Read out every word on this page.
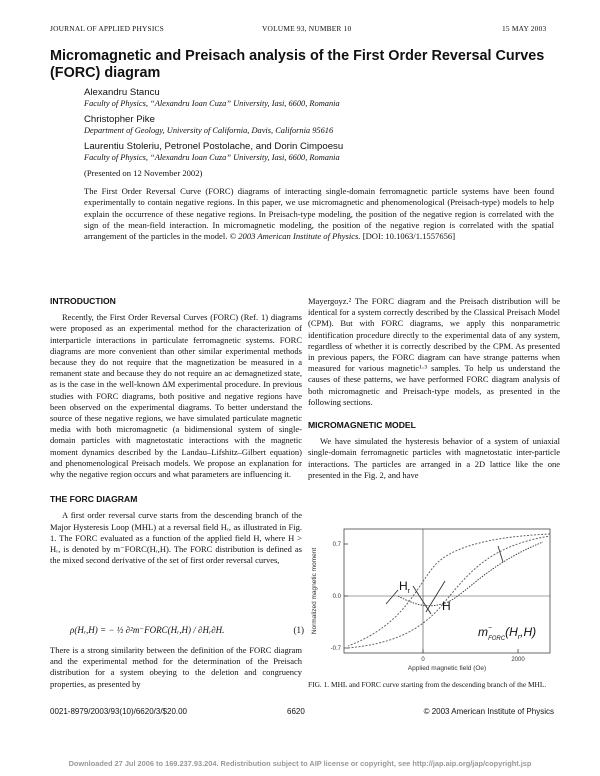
JOURNAL OF APPLIED PHYSICS	VOLUME 93, NUMBER 10	15 MAY 2003
Micromagnetic and Preisach analysis of the First Order Reversal Curves (FORC) diagram
Alexandru Stancu
Faculty of Physics, “Alexandru Ioan Cuza” University, Iasi, 6600, Romania
Christopher Pike
Department of Geology, University of California, Davis, California 95616
Laurentiu Stoleriu, Petronel Postolache, and Dorin Cimpoesu
Faculty of Physics, “Alexandru Ioan Cuza” University, Iasi, 6600, Romania
(Presented on 12 November 2002)
The First Order Reversal Curve (FORC) diagrams of interacting single-domain ferromagnetic particle systems have been found experimentally to contain negative regions. In this paper, we use micromagnetic and phenomenological (Preisach-type) models to help explain the occurrence of these negative regions. In Preisach-type modeling, the position of the negative region is correlated with the sign of the mean-field interaction. In micromagnetic modeling, the position of the negative region is correlated with the spatial arrangement of the particles in the model. © 2003 American Institute of Physics. [DOI: 10.1063/1.1557656]
INTRODUCTION

Recently, the First Order Reversal Curves (FORC) (Ref. 1) diagrams were proposed as an experimental method for the characterization of interparticle interactions in particulate ferromagnetic systems. FORC diagrams are more convenient than other similar experimental methods because they do not require that the magnetization be measured in a remanent state and because they do not require an ac demagnetized state, as is the case in the well-known ΔM experimental procedure. In previous studies with FORC diagrams, both positive and negative regions have been observed on the experimental diagrams. To better understand the source of these negative regions, we have simulated particulate magnetic media with both micromagnetic (a bidimensional system of single-domain particles with magnetostatic interactions with the magnetic moment dynamics described by the Landau–Lifshitz–Gilbert equation) and phenomenological Preisach models. We propose an explanation for why the negative region occurs and what parameters are influencing it.

THE FORC DIAGRAM

A first order reversal curve starts from the descending branch of the Major Hysteresis Loop (MHL) at a reversal field Hᵣ, as illustrated in Fig. 1. The FORC evaluated as a function of the applied field H, where H > Hᵣ, is denoted by m⁻FORC(Hᵣ,H). The FORC distribution is defined as the mixed second derivative of the set of first order reversal curves,

ρ(Hᵣ,H) = − ½ ∂²m⁻FORC(Hᵣ,H) / ∂Hᵣ∂H.	(1)

There is a strong similarity between the definition of the FORC diagram and the experimental method for the determination of the Preisach distribution for a system obeying to the deletion and congruency properties, as presented by

Mayergoyz.² The FORC diagram and the Preisach distribution will be identical for a system correctly described by the Classical Preisach Model (CPM). But with FORC diagrams, we apply this nonparametric identification procedure directly to the experimental data of any system, regardless of whether it is correctly described by the CPM. As presented in previous papers, the FORC diagram can have strange patterns when measured for various magnetic¹·³ samples. To help us understand the causes of these patterns, we have performed FORC diagram analysis of both micromagnetic and Preisach-type models, as presented in the following sections.

MICROMAGNETIC MODEL

We have simulated the hysteresis behavior of a system of uniaxial single-domain ferromagnetic particles with magnetostatic inter-particle interactions. The particles are arranged in a 2D lattice like the one presented in the Fig. 2, and have

Normalized magnetic moment
Applied magnetic field (Oe)
0.7
0.0
-0.7
0	2000
$H_r$
H
m− $FORC(H_r,H)$
FIG. 1. MHL and FORC curve starting from the descending branch of the MHL.
0021-8979/2003/93(10)/6620/3/$20.00	6620	© 2003 American Institute of Physics
Downloaded 27 Jul 2006 to 169.237.93.204. Redistribution subject to AIP license or copyright, see http://jap.aip.org/jap/copyright.jsp
